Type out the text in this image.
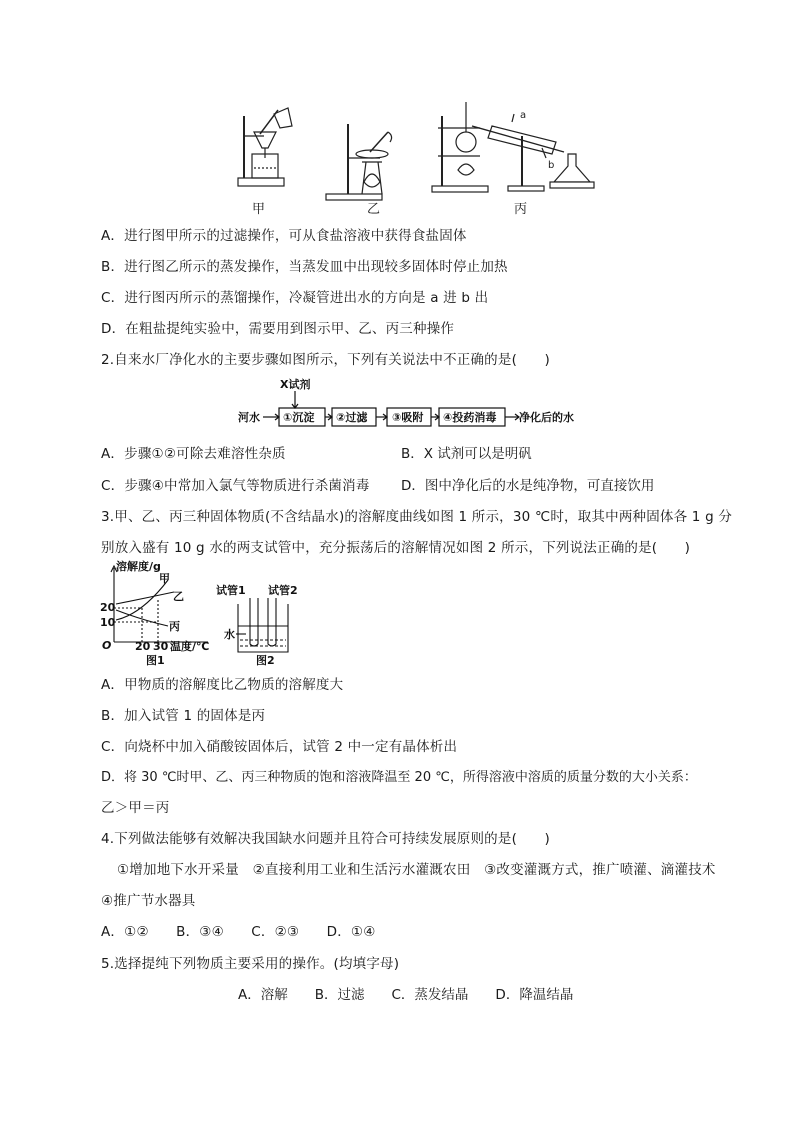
a
b
甲	乙	丙
A．进行图甲所示的过滤操作，可从食盐溶液中获得食盐固体
B．进行图乙所示的蒸发操作，当蒸发皿中出现较多固体时停止加热
C．进行图丙所示的蒸馏操作，冷凝管进出水的方向是 a 进 b 出
D．在粗盐提纯实验中，需要用到图示甲、乙、丙三种操作
2.自来水厂净化水的主要步骤如图所示，下列有关说法中不正确的是(　　)
X试剂
河水 ①沉淀 ②过滤 ③吸附 ④投药消毒 净化后的水
A．步骤①②可除去难溶性杂质	B．X 试剂可以是明矾
C．步骤④中常加入氯气等物质进行杀菌消毒 D．图中净化后的水是纯净物，可直接饮用
3.甲、乙、丙三种固体物质(不含结晶水)的溶解度曲线如图 1 所示，30 ℃时，取其中两种固体各 1 g 分
别放入盛有 10 g 水的两支试管中，充分振荡后的溶解情况如图 2 所示，下列说法正确的是(　　)
溶解度/g
20
10
O 20 30 温度/℃
甲
乙
丙
图1
试管1 试管2
水
图2
A．甲物质的溶解度比乙物质的溶解度大
B．加入试管 1 的固体是丙
C．向烧杯中加入硝酸铵固体后，试管 2 中一定有晶体析出
D．将 30 ℃时甲、乙、丙三种物质的饱和溶液降温至 20 ℃，所得溶液中溶质的质量分数的大小关系：
乙＞甲＝丙
4.下列做法能够有效解决我国缺水问题并且符合可持续发展原则的是(　　)
①增加地下水开采量　②直接利用工业和生活污水灌溉农田　③改变灌溉方式，推广喷灌、滴灌技术
④推广节水器具
A．①②　　B．③④　　C．②③　　D．①④
5.选择提纯下列物质主要采用的操作。(均填字母)
A．溶解　　B．过滤　　C．蒸发结晶　　D．降温结晶
